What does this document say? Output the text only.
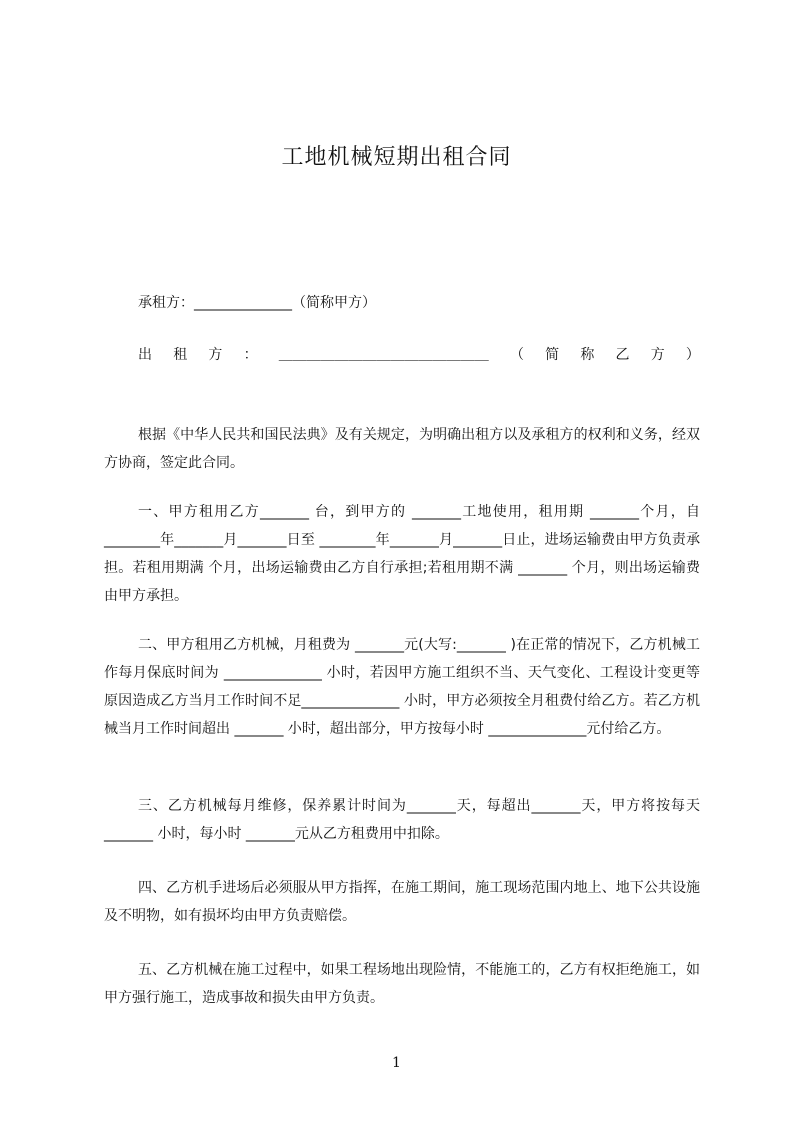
工地机械短期出租合同
承租方：______________（简称甲方）
出 租 方 ： ＿＿＿＿＿＿＿＿＿＿＿＿＿＿＿ （ 简 称 乙 方 ）

根据《中华人民共和国民法典》及有关规定，为明确出租方以及承租方的权利和义务，经双方协商，签定此合同。

一、甲方租用乙方_______ 台，到甲方的 _______工地使用，租用期 _______个月，自 ________年_______月_______日至 ________年_______月_______日止，进场运输费由甲方负责承担。若租用期满 个月，出场运输费由乙方自行承担;若租用期不满 _______ 个月，则出场运输费由甲方承担。

二、甲方租用乙方机械，月租费为 _______元(大写:_______ )在正常的情况下，乙方机械工作每月保底时间为 ______________ 小时，若因甲方施工组织不当、天气变化、工程设计变更等原因造成乙方当月工作时间不足______________ 小时，甲方必须按全月租费付给乙方。若乙方机械当月工作时间超出 _______ 小时，超出部分，甲方按每小时 ______________元付给乙方。

三、乙方机械每月维修，保养累计时间为_______天，每超出_______天，甲方将按每天_______ 小时，每小时 _______元从乙方租费用中扣除。

四、乙方机手进场后必须服从甲方指挥，在施工期间，施工现场范围内地上、地下公共设施及不明物，如有损坏均由甲方负责赔偿。

五、乙方机械在施工过程中，如果工程场地出现险情，不能施工的，乙方有权拒绝施工，如甲方强行施工，造成事故和损失由甲方负责。

1
